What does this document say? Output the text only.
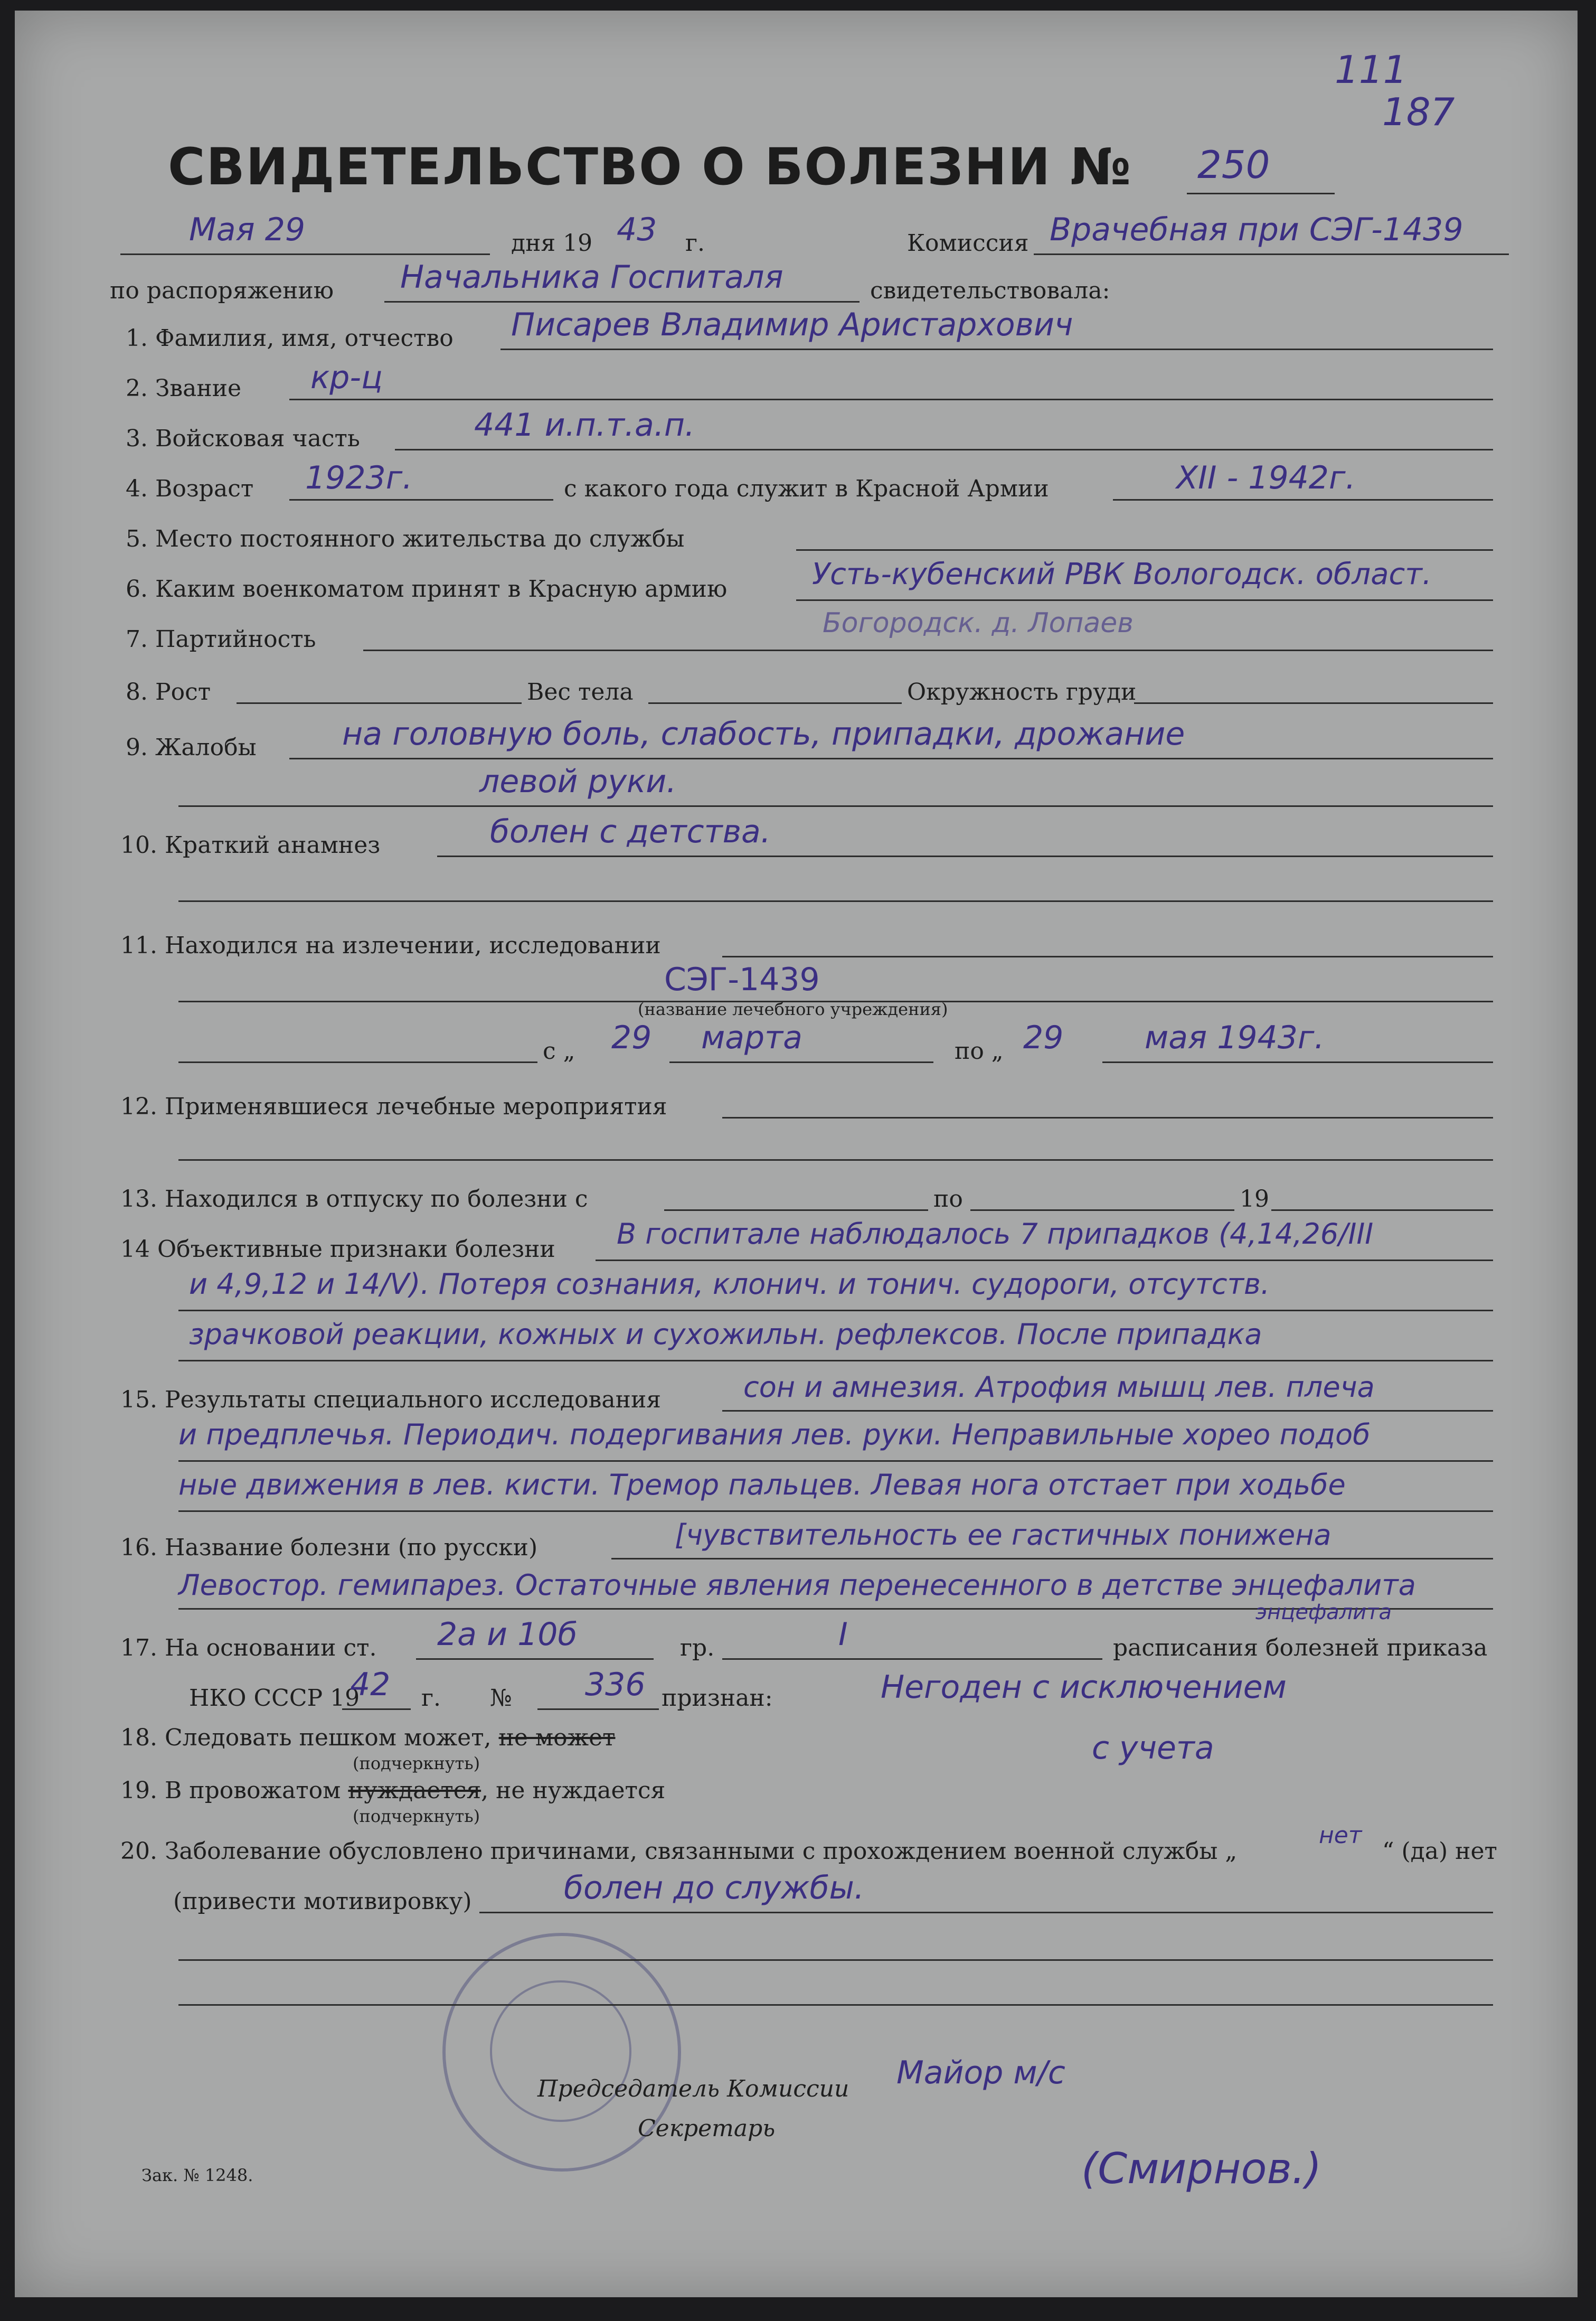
111
187
СВИДЕТЕЛЬСТВО О БОЛЕЗНИ № 250
Мая 29	дня 19 43 г.	Комиссия Врачебная при СЭГ-1439
по распоряжению Начальника Госпиталя	свидетельствовала:
1. Фамилия, имя, отчество Писарев Владимир Аристархович
2. Звание кр-ц
3. Войсковая часть	441 и.п.т.а.п.
4. Возраст 1923г.	с какого года служит в Красной Армии	XII - 1942г.
5. Место постоянного жительства до службы
6. Каким военкоматом принят в Красную армию	Усть-кубенский РВК Вологодск. област.
7. Партийность
Богородск. д. Лопаев
8. Рост	Вес тела	Окружность груди
9. Жалобы	на головную боль, слабость, припадки, дрожание
левой руки.
10. Краткий анамнез	болен с детства.
11. Находился на излечении, исследовании
СЭГ-1439
(название лечебного учреждения)
с „ 29 марта	по „ 29	мая 1943г.
12. Применявшиеся лечебные мероприятия
13. Находился в отпуску по болезни с	по	19
14 Объективные признаки болезни В госпитале наблюдалось 7 припадков (4,14,26/III
и 4,9,12 и 14/V). Потеря сознания, клонич. и тонич. судороги, отсутств.
зрачковой реакции, кожных и сухожильн. рефлексов. После припадка
15. Результаты специального исследования	сон и амнезия. Атрофия мышц лев. плеча
и предплечья. Периодич. подергивания лев. руки. Неправильные хорео подоб
ные движения в лев. кисти. Тремор пальцев. Левая нога отстает при ходьбе
16. Название болезни (по русски)	[чувствительность ее гастичных понижена
Левостор. гемипарез. Остаточные явления перенесенного в детстве энцефалита
энцефалита
17. На основании ст. 2а и 10б	гр.	I	расписания болезней приказа
НКО СССР 19
42 г. № 336 признан:	Негоден с исключением
с учета
18. Следовать пешком может, не может
(подчеркнуть)
19. В провожатом нуждается, не нуждается
(подчеркнуть)
20. Заболевание обусловлено причинами, связанными с прохождением военной службы „
нет
“ (да) нет
(привести мотивировку)	болен до службы.
Председатель Комиссии Майор м/с
Секретарь
Зак. № 1248.	(Смирнов.)
